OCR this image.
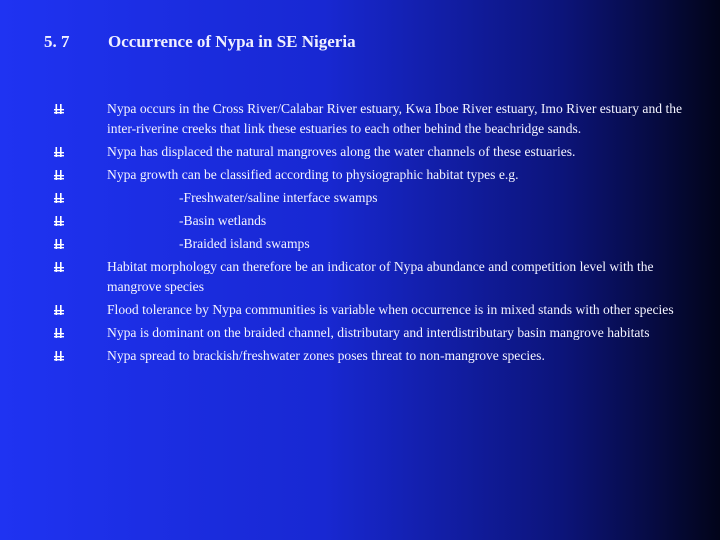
5. 7 Occurrence of Nypa in SE Nigeria
Nypa occurs in the Cross River/Calabar River estuary, Kwa Iboe River estuary, Imo River estuary and the inter-riverine creeks that link these estuaries to each other behind the beachridge sands.
Nypa has displaced the natural mangroves along the water channels of these estuaries.
Nypa growth can be classified according to physiographic habitat types e.g.
-Freshwater/saline interface swamps
-Basin wetlands
-Braided island swamps
Habitat morphology can therefore be an indicator of Nypa abundance and competition level with the mangrove species
Flood tolerance by Nypa communities is variable when occurrence is in mixed stands with other species
Nypa is dominant on the braided channel, distributary and interdistributary basin mangrove habitats
Nypa spread to brackish/freshwater zones poses threat to non-mangrove species.
